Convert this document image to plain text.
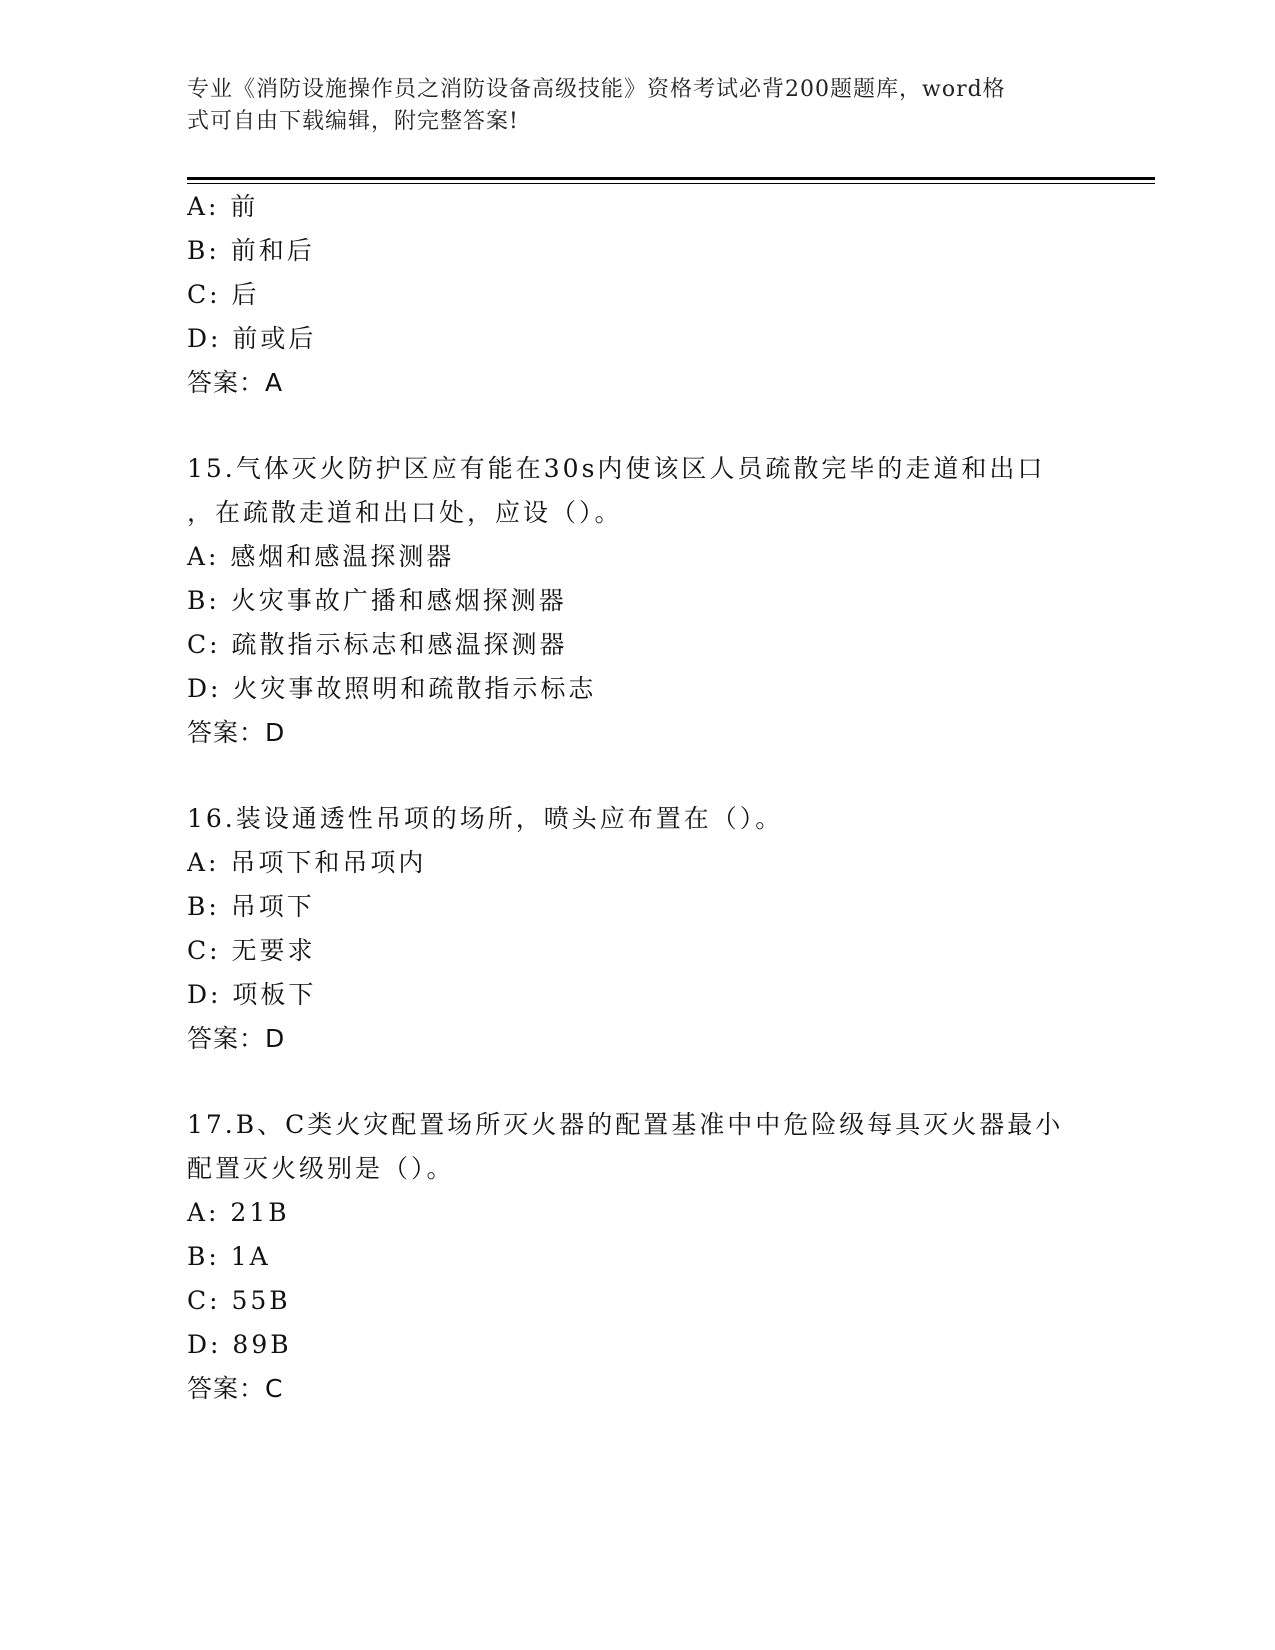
专业《消防设施操作员之消防设备高级技能》资格考试必背200题题库，word格
式可自由下载编辑，附完整答案!
A: 前
B: 前和后
C: 后
D: 前或后
答案：A
15.气体灭火防护区应有能在30s内使该区人员疏散完毕的走道和出口
，在疏散走道和出口处，应设（）。
A: 感烟和感温探测器
B: 火灾事故广播和感烟探测器
C: 疏散指示标志和感温探测器
D: 火灾事故照明和疏散指示标志
答案：D
16.装设通透性吊项的场所，喷头应布置在（）。
A: 吊项下和吊项内
B: 吊项下
C: 无要求
D: 项板下
答案：D
17.B、C类火灾配置场所灭火器的配置基准中中危险级每具灭火器最小
配置灭火级别是（）。
A: 21B
B: 1A
C: 55B
D: 89B
答案：C
